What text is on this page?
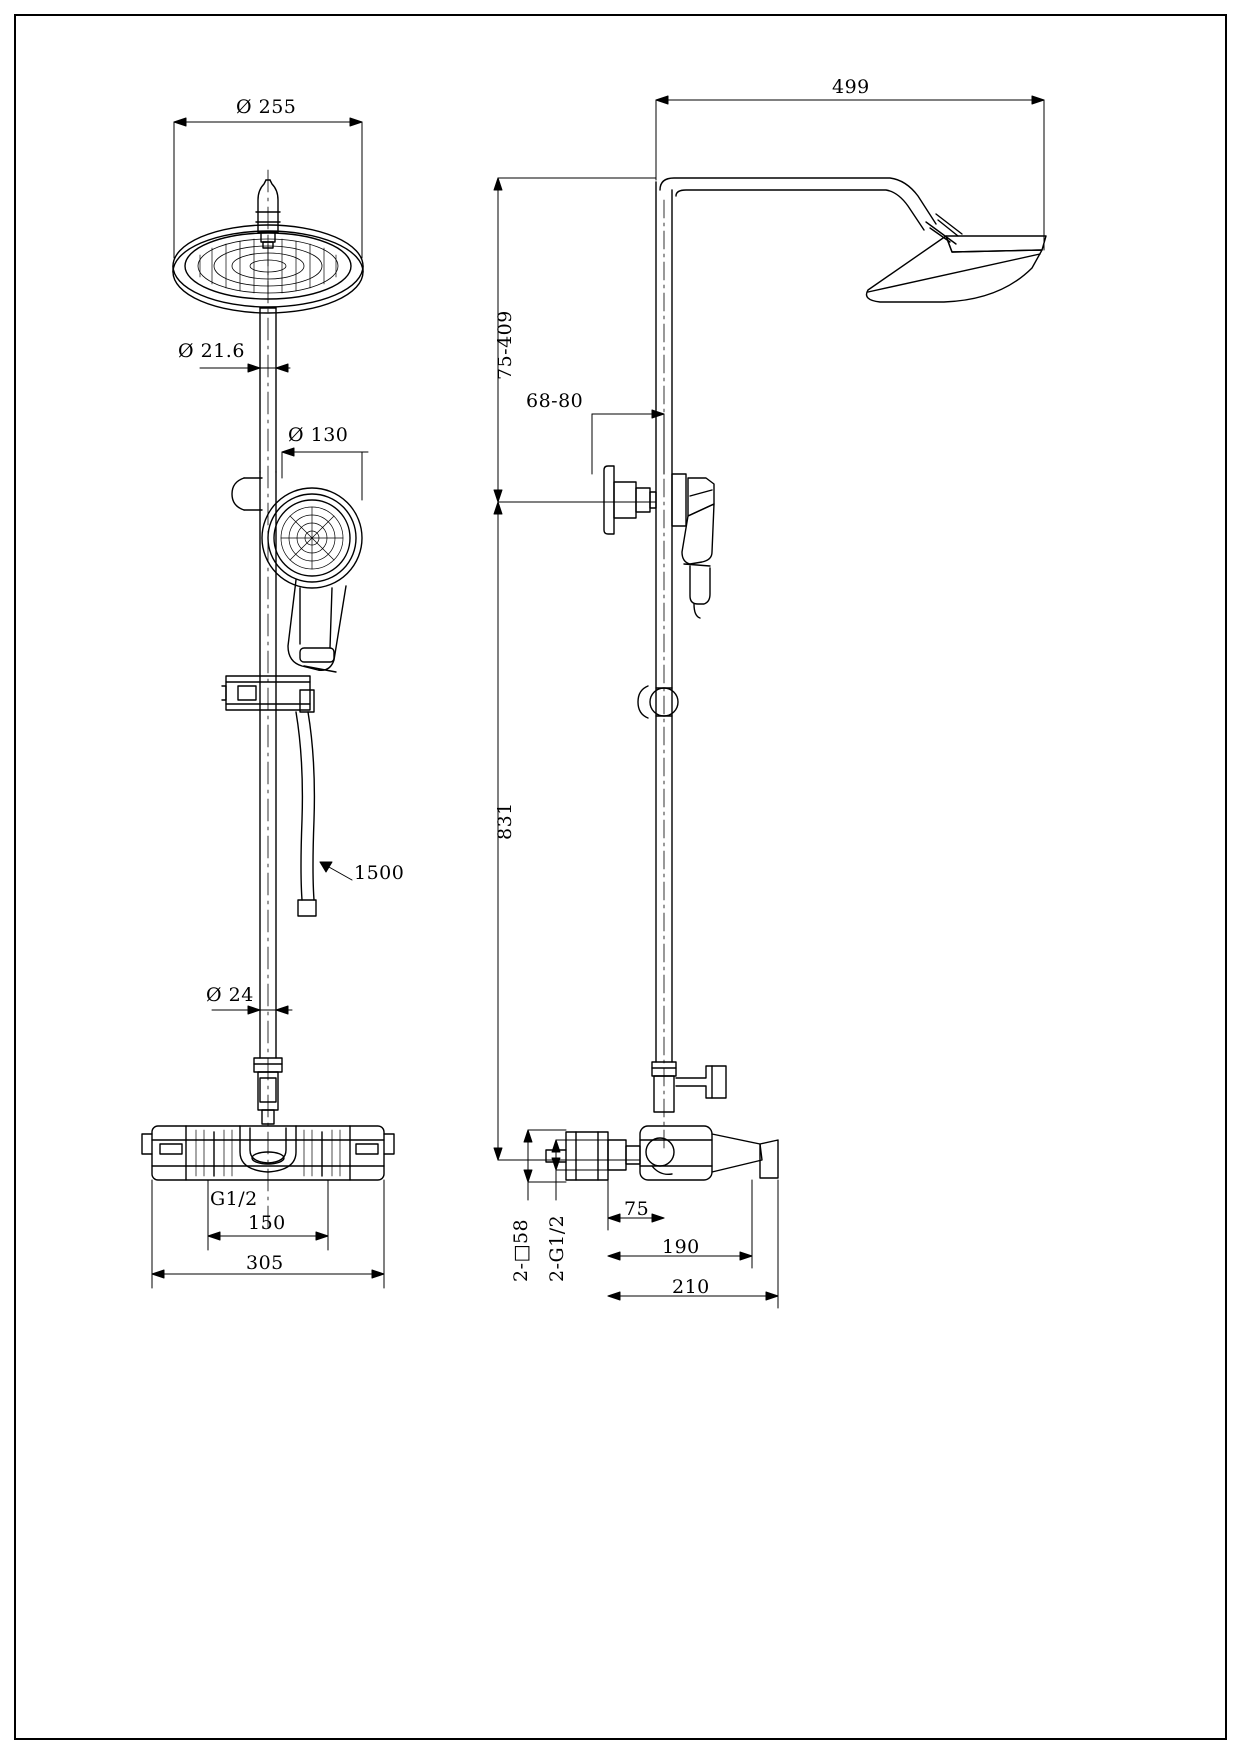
Ø 255
Ø 21.6
Ø 130
1500
Ø 24
G1/2
150
305
499
75-409
68-80
831
2-□58 2-G1/2
75
190
210
